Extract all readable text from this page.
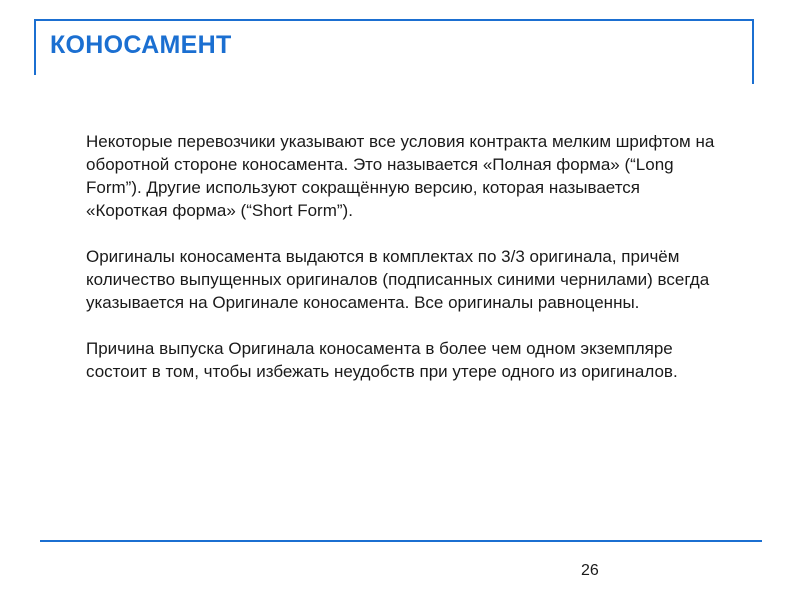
КОНОСАМЕНТ

Некоторые перевозчики указывают все условия контракта мелким шрифтом на оборотной стороне коносамента. Это называется «Полная форма» (“Long Form”). Другие используют сокращённую версию, которая называется «Короткая форма» (“Short Form”).

Оригиналы коносамента выдаются в комплектах по 3/3 оригинала, причём количество выпущенных оригиналов (подписанных синими чернилами) всегда указывается на Оригинале коносамента. Все оригиналы равноценны.

Причина выпуска Оригинала коносамента в более чем одном экземпляре состоит в том, чтобы избежать неудобств при утере одного из оригиналов.

26
